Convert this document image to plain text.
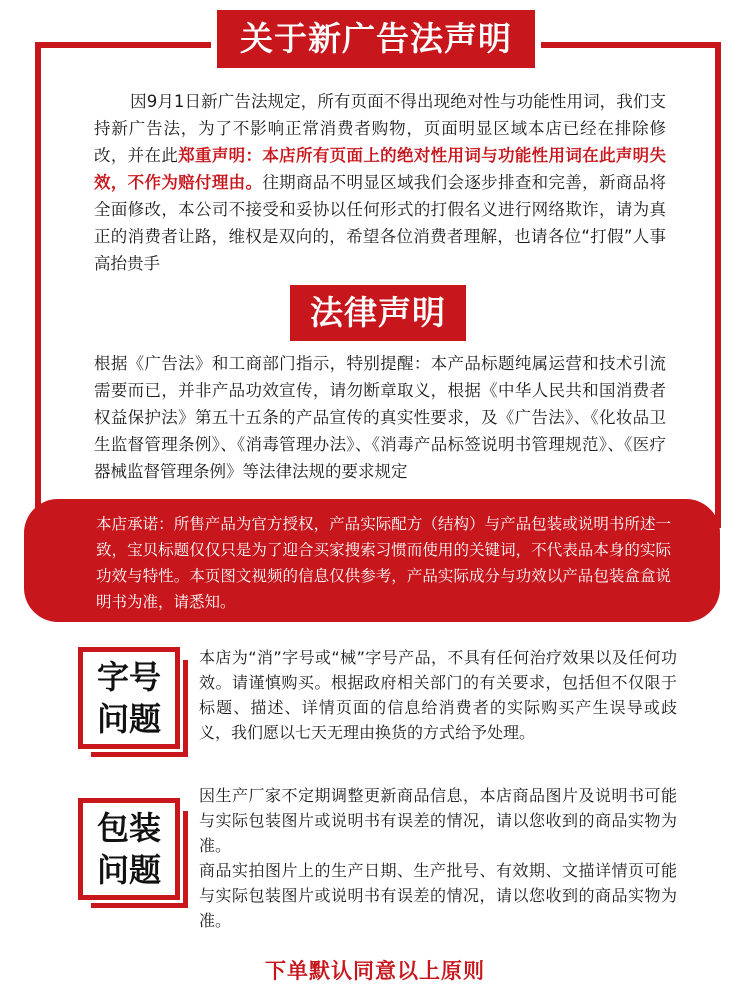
关于新广告法声明

因9月1日新广告法规定，所有页面不得出现绝对性与功能性用词，我们支持新广告法，为了不影响正常消费者购物，页面明显区域本店已经在排除修改，并在此郑重声明：本店所有页面上的绝对性用词与功能性用词在此声明失效，不作为赔付理由。往期商品不明显区域我们会逐步排查和完善，新商品将全面修改，本公司不接受和妥协以任何形式的打假名义进行网络欺诈，请为真正的消费者让路，维权是双向的，希望各位消费者理解，也请各位“打假”人事高抬贵手

法律声明

根据《广告法》和工商部门指示，特别提醒：本产品标题纯属运营和技术引流需要而已，并非产品功效宣传，请勿断章取义，根据《中华人民共和国消费者权益保护法》第五十五条的产品宣传的真实性要求，及《广告法》、《化妆品卫生监督管理条例》、《消毒管理办法》、《消毒产品标签说明书管理规范》、《医疗器械监督管理条例》等法律法规的要求规定

本店承诺：所售产品为官方授权，产品实际配方（结构）与产品包装或说明书所述一致，宝贝标题仅仅只是为了迎合买家搜索习惯而使用的关键词，不代表品本身的实际功效与特性。本页图文视频的信息仅供参考，产品实际成分与功效以产品包装盒盒说明书为准，请悉知。

字号
问题

本店为“消”字号或“械”字号产品，不具有任何治疗效果以及任何功效。请谨慎购买。根据政府相关部门的有关要求，包括但不仅限于标题、描述、详情页面的信息给消费者的实际购买产生误导或歧义，我们愿以七天无理由换货的方式给予处理。

包装
问题
因生产厂家不定期调整更新商品信息，本店商品图片及说明书可能与实际包装图片或说明书有误差的情况，请以您收到的商品实物为准。
商品实拍图片上的生产日期、生产批号、有效期、文描详情页可能与实际包装图片或说明书有误差的情况，请以您收到的商品实物为准。
下单默认同意以上原则
